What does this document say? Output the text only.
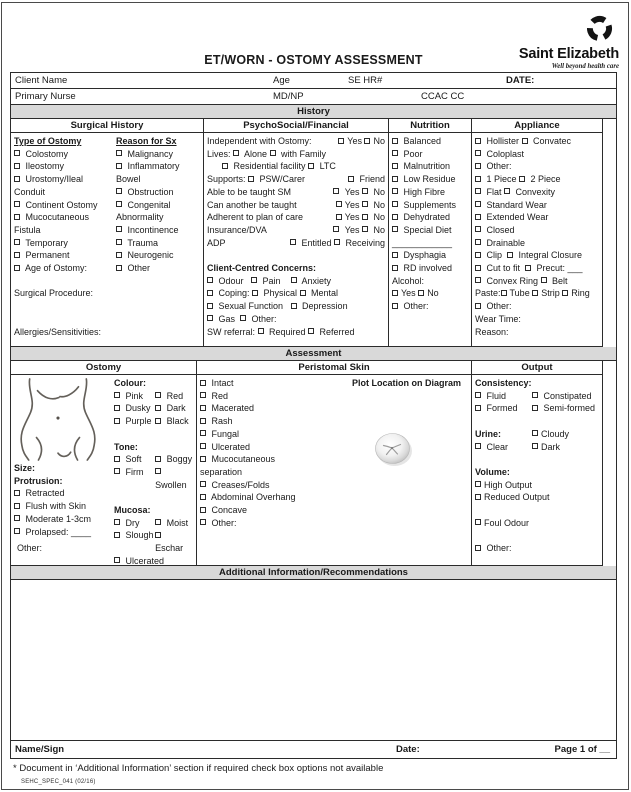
Saint Elizabeth
Well beyond health care
ET/WORN - OSTOMY ASSESSMENT
Client Name	Age	SE HR#	DATE:
Primary Nurse	MD/NP	CCAC CC
History
Surgical History
Type of Ostomy
Colostomy
Ileostomy
Urostomy/Ileal Conduit
Continent Ostomy
Mucocutaneous Fistula
Temporary
Permanent
Age of Ostomy:
Reason for Sx
Malignancy
Inflammatory Bowel
Obstruction
Congenital Abnormality
Incontinence
Trauma
Neurogenic
Other

Surgical Procedure:

Allergies/Sensitivities:
PsychoSocial/Financial
Independent with Ostomy:	Yes No
Lives:  Alone  with Family
Residential facility  LTC
Supports:  PSW/Carer	Friend
Able to be taught SM	Yes  No
Can another be taught	Yes  No
Adherent to plan of care	Yes  No
Insurance/DVA	Yes  No
ADP	Entitled  Receiving

Client-Centred Concerns:
Odour    Pain     Anxiety
Coping:  Physical  Mental
Sexual Function    Depression
Gas   Other:
SW referral:  Required  Referred
Nutrition
Balanced
Poor
Malnutrition
Low Residue
High Fibre
Supplements
Dehydrated
Special Diet
____________
Dysphagia
RD involved
Alcohol:
Yes No
Other:
Appliance
Hollister  Convatec
Coloplast
Other:
1 Piece  2 Piece
Flat  Convexity
Standard Wear
Extended Wear
Closed
Drainable
Clip   Integral Closure
Cut to fit   Precut: ___
Convex Ring  Belt
Paste: Tube Strip Ring
Other:
Wear Time:
Reason:
Assessment
Ostomy
Size:
Protrusion:
Retracted
Flush with Skin
Moderate 1-3cm
Prolapsed: ____
Colour:
Pink	Red
Dusky	Dark
Purple	Black

Tone:
Soft	Boggy
Firm
Swollen

Mucosa:
Dry	Moist
Slough
Eschar
Ulcerated
Other:
Peristomal Skin
Intact
Red
Macerated
Rash
Fungal
Ulcerated
Mucocutaneous
separation
Creases/Folds
Abdominal Overhang
Concave
Other:
Plot Location on Diagram
Output
Consistency:
Fluid	Constipated
Formed	Semi-formed

Urine:	Cloudy
Clear	Dark

Volume:
High Output
Reduced Output

Foul Odour

Other:
Additional Information/Recommendations
Name/Sign	Date:	Page 1 of __
* Document in ‘Additional Information’ section if required check box options not available
SEHC_SPEC_041 (02/16)
